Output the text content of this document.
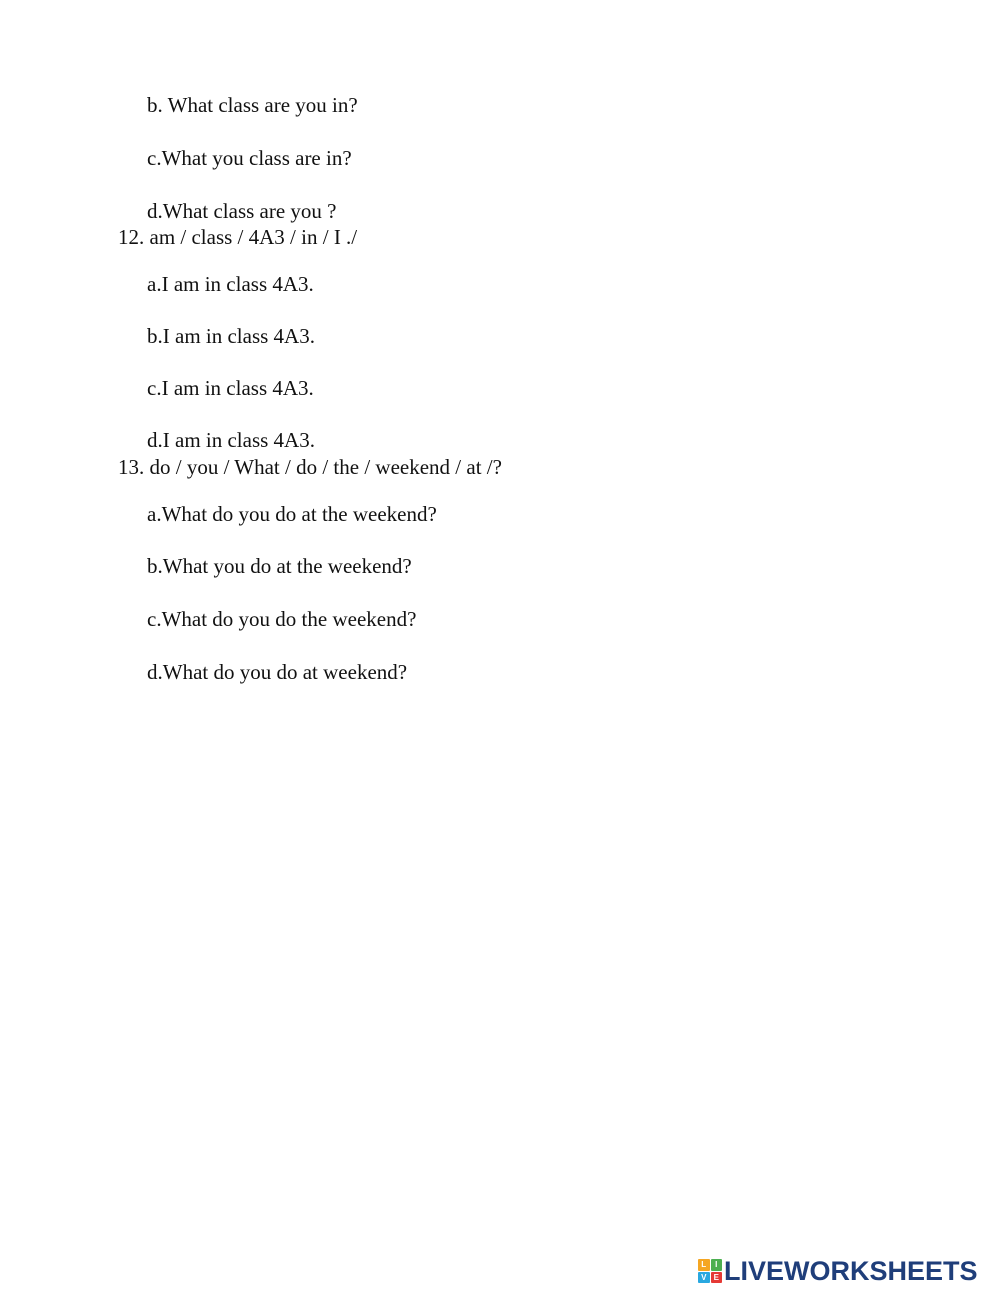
b. What class are you in?

c.What you class are in?

d.What class are you ?

12. am / class / 4A3 / in / I ./

a.I am in class 4A3.

b.I am in class 4A3.

c.I am in class 4A3.

d.I am in class 4A3.

13. do / you / What / do / the / weekend / at /?

a.What do you do at the weekend?

b.What you do at the weekend?

c.What do you do the weekend?

d.What do you do at weekend?

L	I
V E LIVEWORKSHEETS
